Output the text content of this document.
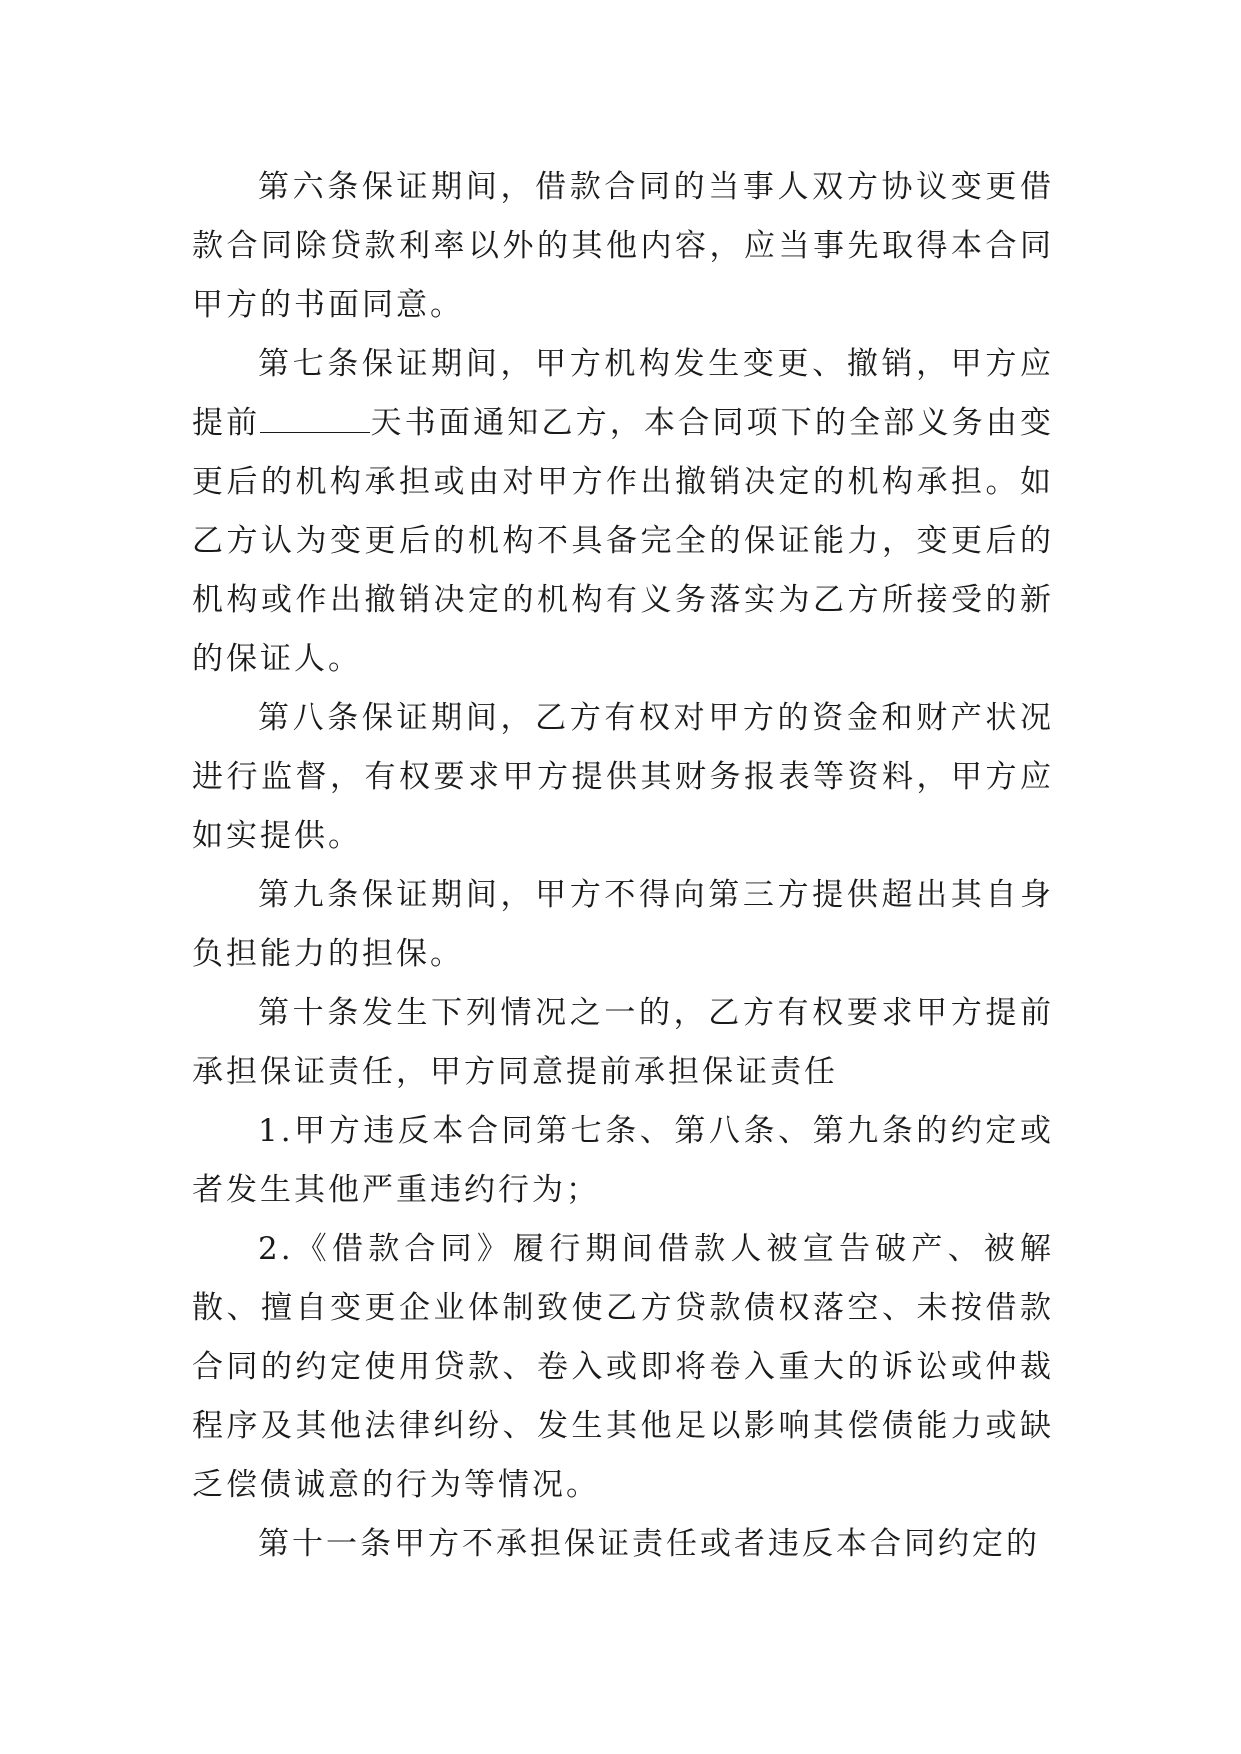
第六条保证期间，借款合同的当事人双方协议变更借款合同除贷款利率以外的其他内容，应当事先取得本合同甲方的书面同意。

第七条保证期间，甲方机构发生变更、撤销，甲方应提前	天书面通知乙方，本合同项下的全部义务由变更后的机构承担或由对甲方作出撤销决定的机构承担。如乙方认为变更后的机构不具备完全的保证能力，变更后的机构或作出撤销决定的机构有义务落实为乙方所接受的新的保证人。

第八条保证期间，乙方有权对甲方的资金和财产状况进行监督，有权要求甲方提供其财务报表等资料，甲方应如实提供。

第九条保证期间，甲方不得向第三方提供超出其自身负担能力的担保。

第十条发生下列情况之一的，乙方有权要求甲方提前承担保证责任，甲方同意提前承担保证责任

1.甲方违反本合同第七条、第八条、第九条的约定或者发生其他严重违约行为；

2.《借款合同》履行期间借款人被宣告破产、被解散、擅自变更企业体制致使乙方贷款债权落空、未按借款合同的约定使用贷款、卷入或即将卷入重大的诉讼或仲裁程序及其他法律纠纷、发生其他足以影响其偿债能力或缺乏偿债诚意的行为等情况。

第十一条甲方不承担保证责任或者违反本合同约定的
